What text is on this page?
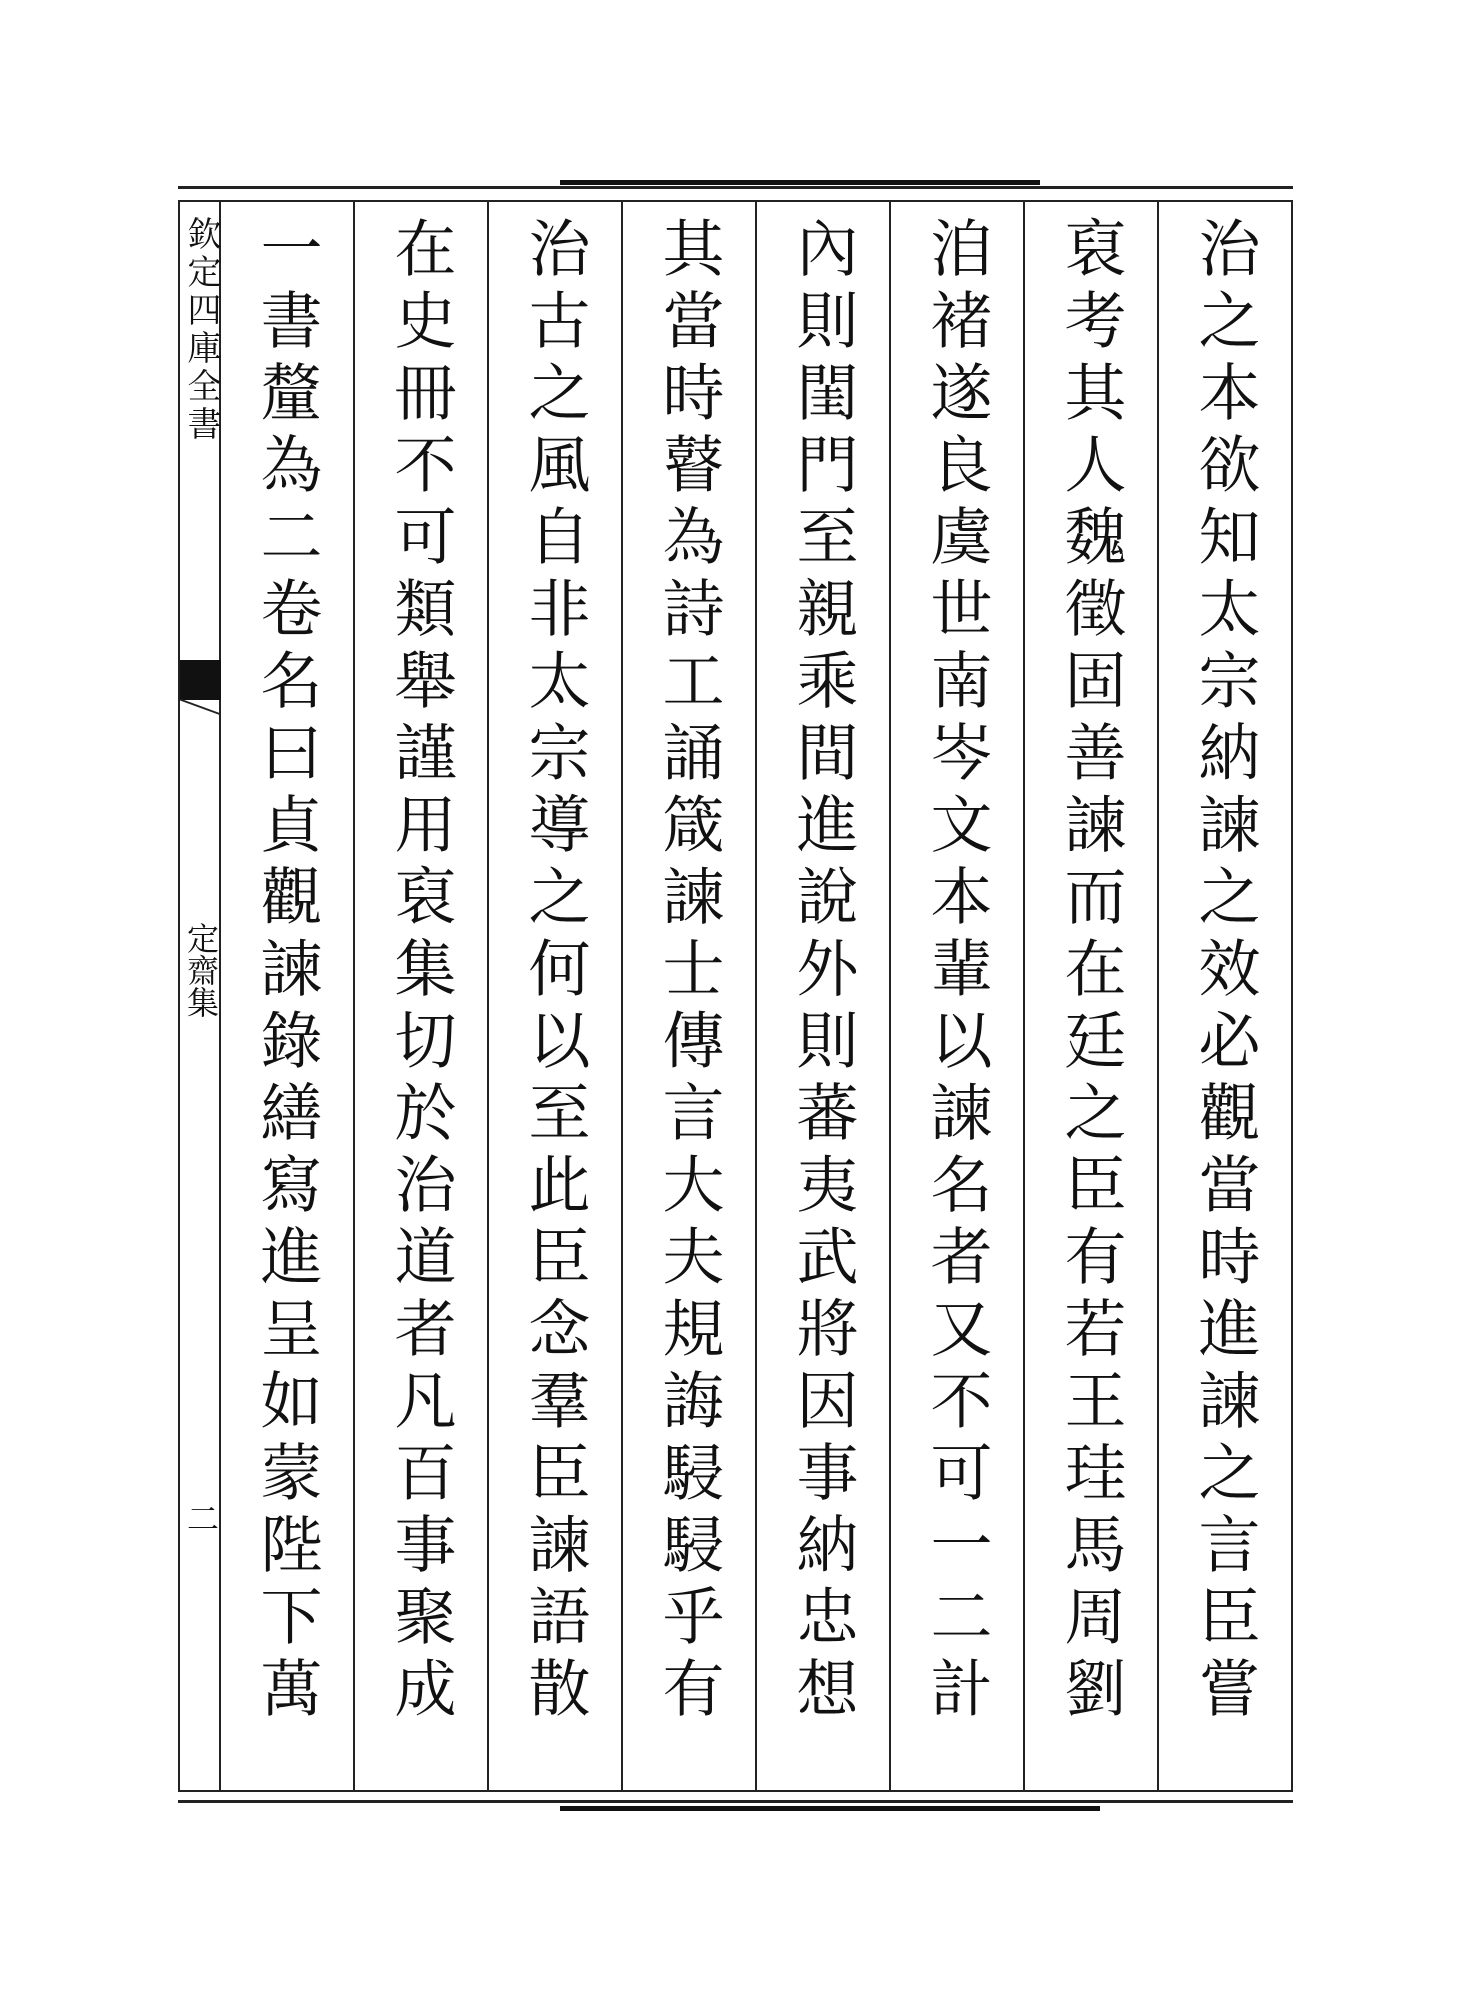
治之本欲知太宗納諫之效必觀當時進諫之言臣嘗
裒考其人魏徵固善諫而在廷之臣有若王珪馬周劉
洎褚遂良虞世南岑文本輩以諫名者又不可一二計
內則閨門至親乘間進說外則蕃夷武將因事納忠想
其當時瞽為詩工誦箴諫士傳言大夫規誨駸駸乎有
治古之風自非太宗導之何以至此臣念羣臣諫語散
在史冊不可類舉謹用裒集切於治道者凡百事聚成
一書釐為二卷名曰貞觀諫錄繕寫進呈如蒙陛下萬
欽定四庫全書
定齋集
二
